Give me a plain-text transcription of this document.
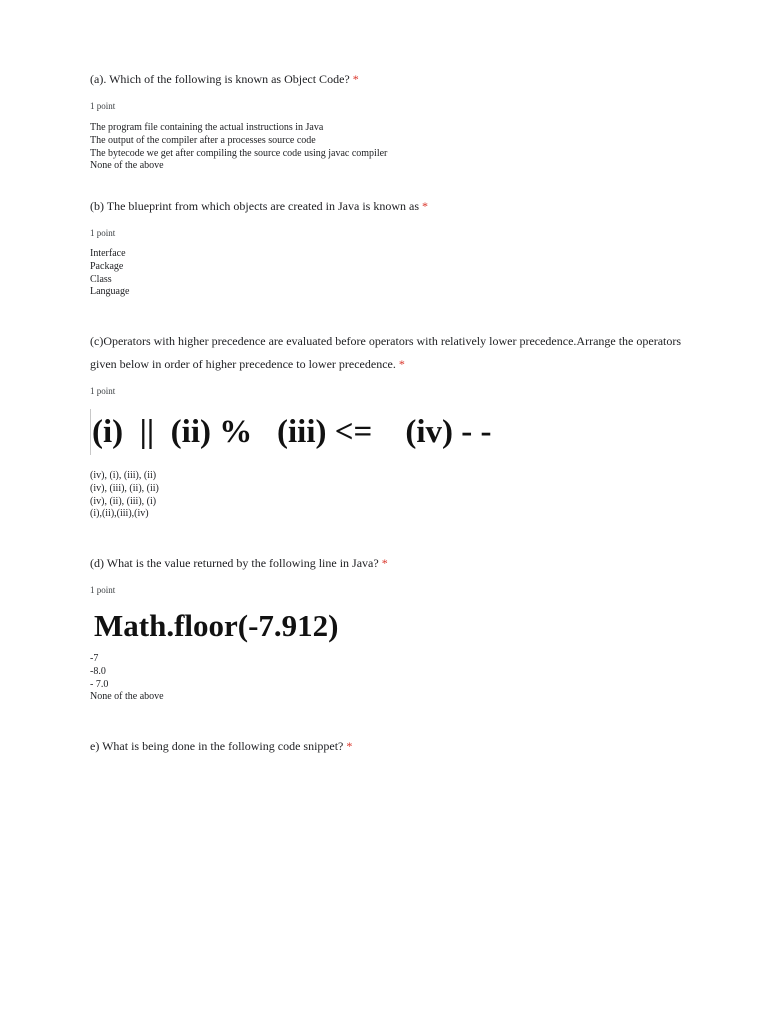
(a). Which of the following is known as Object Code? *
1 point
The program file containing the actual instructions in Java
The output of the compiler after a processes source code
The bytecode we get after compiling the source code using javac compiler
None of the above
(b) The blueprint from which objects are created in Java is known as *
1 point
Interface
Package
Class
Language
(c)Operators with higher precedence are evaluated before operators with relatively lower precedence.Arrange the operators given below in order of higher precedence to lower precedence. *
1 point
(i)  ||  (ii) %   (iii) <=    (iv) - -
(iv), (i), (iii), (ii)
(iv), (iii), (ii), (ii)
(iv), (ii), (iii), (i)
(i),(ii),(iii),(iv)
(d) What is the value returned by the following line in Java? *
1 point
Math.floor(-7.912)
-7
-8.0
- 7.0
None of the above
e) What is being done in the following code snippet? *
